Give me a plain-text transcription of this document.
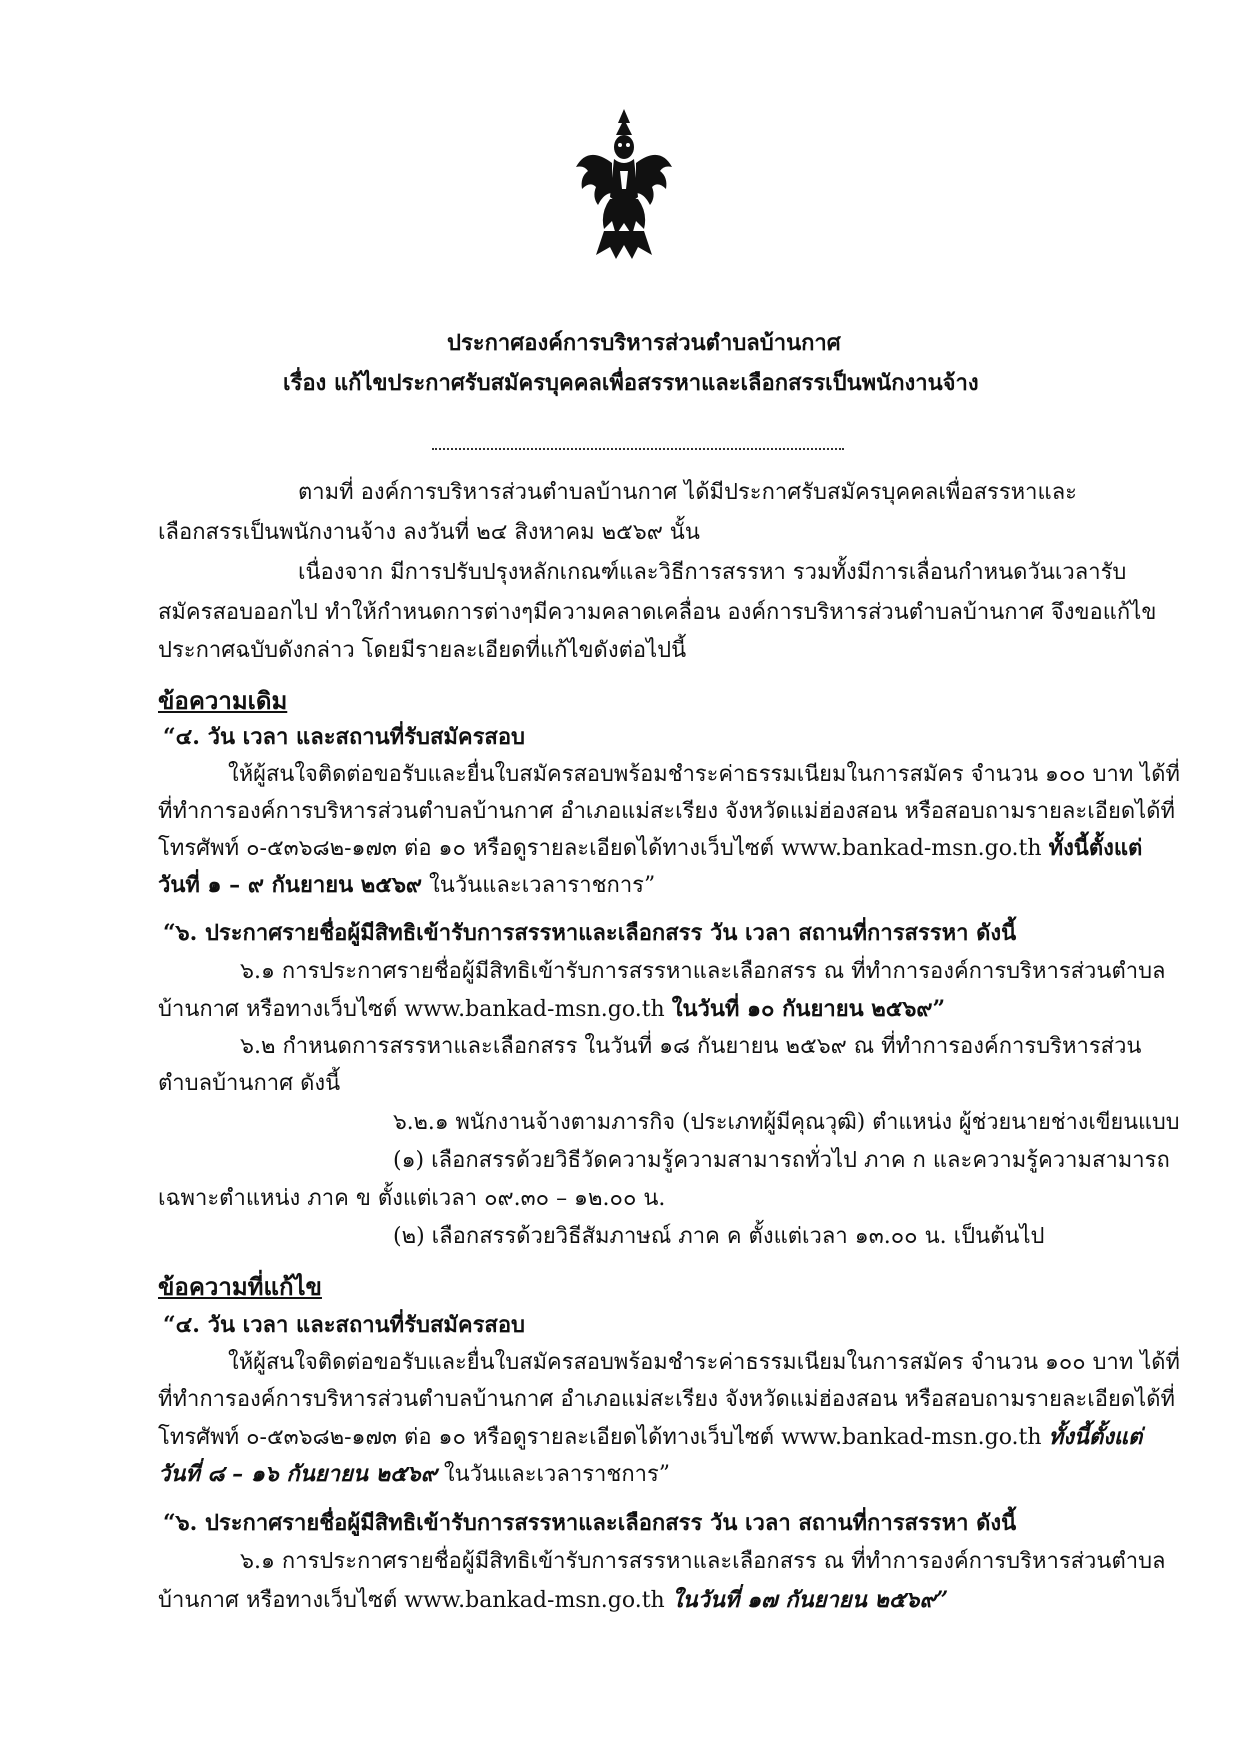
ประกาศองค์การบริหารส่วนตำบลบ้านกาศ
เรื่อง แก้ไขประกาศรับสมัครบุคคลเพื่อสรรหาและเลือกสรรเป็นพนักงานจ้าง
ตามที่ องค์การบริหารส่วนตำบลบ้านกาศ ได้มีประกาศรับสมัครบุคคลเพื่อสรรหาและ
เลือกสรรเป็นพนักงานจ้าง ลงวันที่ ๒๔ สิงหาคม ๒๕๖๙ นั้น
เนื่องจาก มีการปรับปรุงหลักเกณฑ์และวิธีการสรรหา รวมทั้งมีการเลื่อนกำหนดวันเวลารับ
สมัครสอบออกไป ทำให้กำหนดการต่างๆมีความคลาดเคลื่อน องค์การบริหารส่วนตำบลบ้านกาศ จึงขอแก้ไข
ประกาศฉบับดังกล่าว โดยมีรายละเอียดที่แก้ไขดังต่อไปนี้
ข้อความเดิม
“๔. วัน เวลา และสถานที่รับสมัครสอบ
ให้ผู้สนใจติดต่อขอรับและยื่นใบสมัครสอบพร้อมชำระค่าธรรมเนียมในการสมัคร จำนวน ๑๐๐ บาท ได้ที่
ที่ทำการองค์การบริหารส่วนตำบลบ้านกาศ อำเภอแม่สะเรียง จังหวัดแม่ฮ่องสอน หรือสอบถามรายละเอียดได้ที่
โทรศัพท์ ๐-๕๓๖๘๒-๑๗๓ ต่อ ๑๐ หรือดูรายละเอียดได้ทางเว็บไซต์ www.bankad-msn.go.th ทั้งนี้ตั้งแต่
วันที่ ๑ – ๙ กันยายน ๒๕๖๙ ในวันและเวลาราชการ”
“๖. ประกาศรายชื่อผู้มีสิทธิเข้ารับการสรรหาและเลือกสรร วัน เวลา สถานที่การสรรหา ดังนี้
๖.๑ การประกาศรายชื่อผู้มีสิทธิเข้ารับการสรรหาและเลือกสรร ณ ที่ทำการองค์การบริหารส่วนตำบล
บ้านกาศ หรือทางเว็บไซต์ www.bankad-msn.go.th ในวันที่ ๑๐ กันยายน ๒๕๖๙”
๖.๒ กำหนดการสรรหาและเลือกสรร ในวันที่ ๑๘ กันยายน ๒๕๖๙ ณ ที่ทำการองค์การบริหารส่วน
ตำบลบ้านกาศ ดังนี้
๖.๒.๑ พนักงานจ้างตามภารกิจ (ประเภทผู้มีคุณวุฒิ) ตำแหน่ง ผู้ช่วยนายช่างเขียนแบบ
(๑) เลือกสรรด้วยวิธีวัดความรู้ความสามารถทั่วไป ภาค ก และความรู้ความสามารถ
เฉพาะตำแหน่ง ภาค ข ตั้งแต่เวลา ๐๙.๓๐ – ๑๒.๐๐ น.
(๒) เลือกสรรด้วยวิธีสัมภาษณ์ ภาค ค ตั้งแต่เวลา ๑๓.๐๐ น. เป็นต้นไป
ข้อความที่แก้ไข
“๔. วัน เวลา และสถานที่รับสมัครสอบ
ให้ผู้สนใจติดต่อขอรับและยื่นใบสมัครสอบพร้อมชำระค่าธรรมเนียมในการสมัคร จำนวน ๑๐๐ บาท ได้ที่
ที่ทำการองค์การบริหารส่วนตำบลบ้านกาศ อำเภอแม่สะเรียง จังหวัดแม่ฮ่องสอน หรือสอบถามรายละเอียดได้ที่
โทรศัพท์ ๐-๕๓๖๘๒-๑๗๓ ต่อ ๑๐ หรือดูรายละเอียดได้ทางเว็บไซต์ www.bankad-msn.go.th ทั้งนี้ตั้งแต่
วันที่ ๘ – ๑๖ กันยายน ๒๕๖๙ ในวันและเวลาราชการ”
“๖. ประกาศรายชื่อผู้มีสิทธิเข้ารับการสรรหาและเลือกสรร วัน เวลา สถานที่การสรรหา ดังนี้
๖.๑ การประกาศรายชื่อผู้มีสิทธิเข้ารับการสรรหาและเลือกสรร ณ ที่ทำการองค์การบริหารส่วนตำบล
บ้านกาศ หรือทางเว็บไซต์ www.bankad-msn.go.th ในวันที่ ๑๗ กันยายน ๒๕๖๙”
